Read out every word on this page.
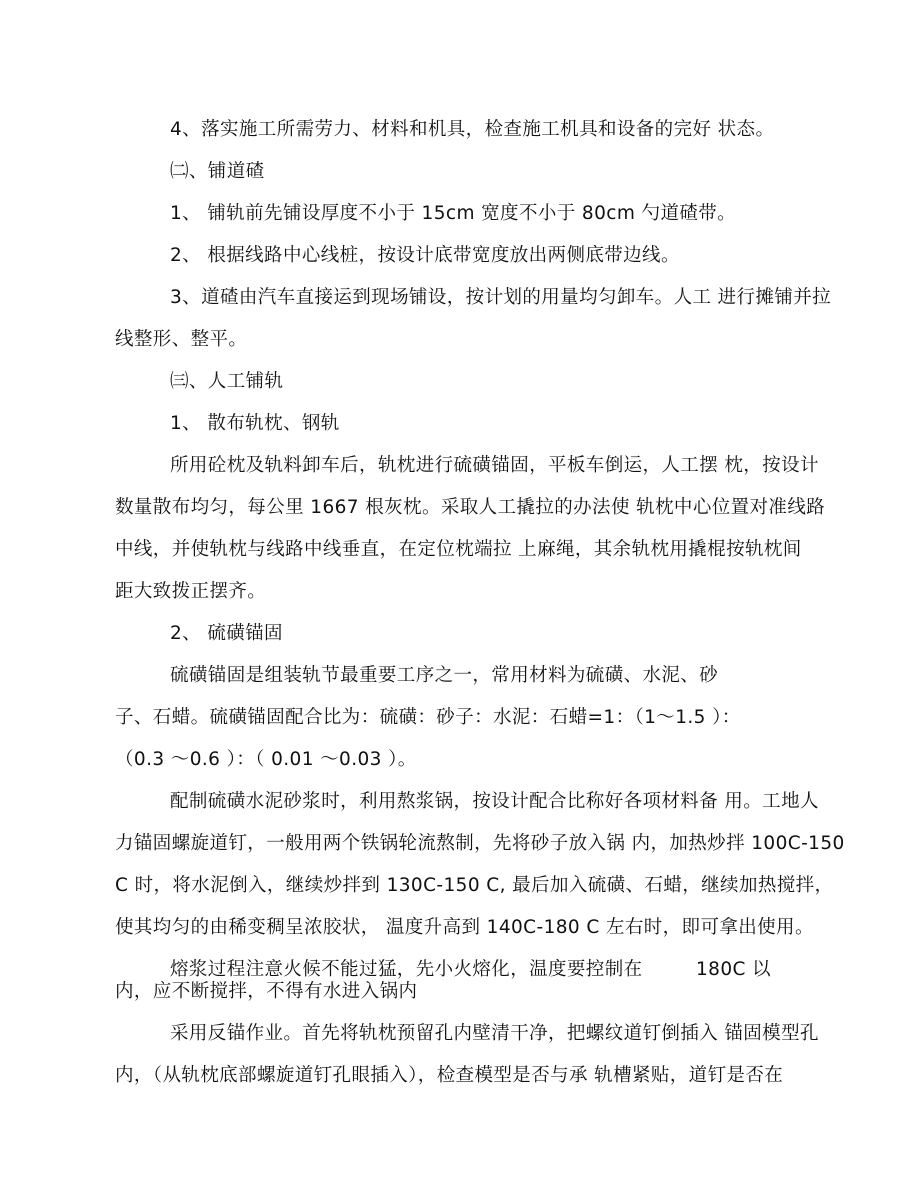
4、落实施工所需劳力、材料和机具，检查施工机具和设备的完好 状态。
㈡、铺道碴
1、 铺轨前先铺设厚度不小于 15cm 宽度不小于 80cm 勺道碴带。
2、 根据线路中心线桩，按设计底带宽度放出两侧底带边线。
3、道碴由汽车直接运到现场铺设，按计划的用量均匀卸车。人工 进行摊铺并拉
线整形、整平。
㈢、人工铺轨
1、 散布轨枕、钢轨
所用砼枕及轨料卸车后，轨枕进行硫磺锚固，平板车倒运，人工摆 枕，按设计
数量散布均匀，每公里 1667 根灰枕。采取人工撬拉的办法使 轨枕中心位置对准线路
中线，并使轨枕与线路中线垂直，在定位枕端拉 上麻绳，其余轨枕用撬棍按轨枕间
距大致拨正摆齐。
2、 硫磺锚固
硫磺锚固是组装轨节最重要工序之一，常用材料为硫磺、水泥、砂
子、石蜡。硫磺锚固配合比为：硫磺：砂子：水泥：石蜡=1：（1～1.5 ）：
（0.3 ～0.6 ）：（ 0.01 ～0.03 ）。
配制硫磺水泥砂浆时，利用熬浆锅，按设计配合比称好各项材料备 用。工地人
力锚固螺旋道钉，一般用两个铁锅轮流熬制，先将砂子放入锅 内，加热炒拌 100C-150
C 时，将水泥倒入，继续炒拌到 130C-150 C, 最后加入硫磺、石蜡，继续加热搅拌，
使其均匀的由稀变稠呈浓胶状， 温度升高到 140C-180 C 左右时，即可拿出使用。
熔浆过程注意火候不能过猛，先小火熔化，温度要控制在	180C 以
内，应不断搅拌，不得有水进入锅内
采用反锚作业。首先将轨枕预留孔内壁清干净，把螺纹道钉倒插入 锚固模型孔
内，（从轨枕底部螺旋道钉孔眼插入），检查模型是否与承 轨槽紧贴，道钉是否在
